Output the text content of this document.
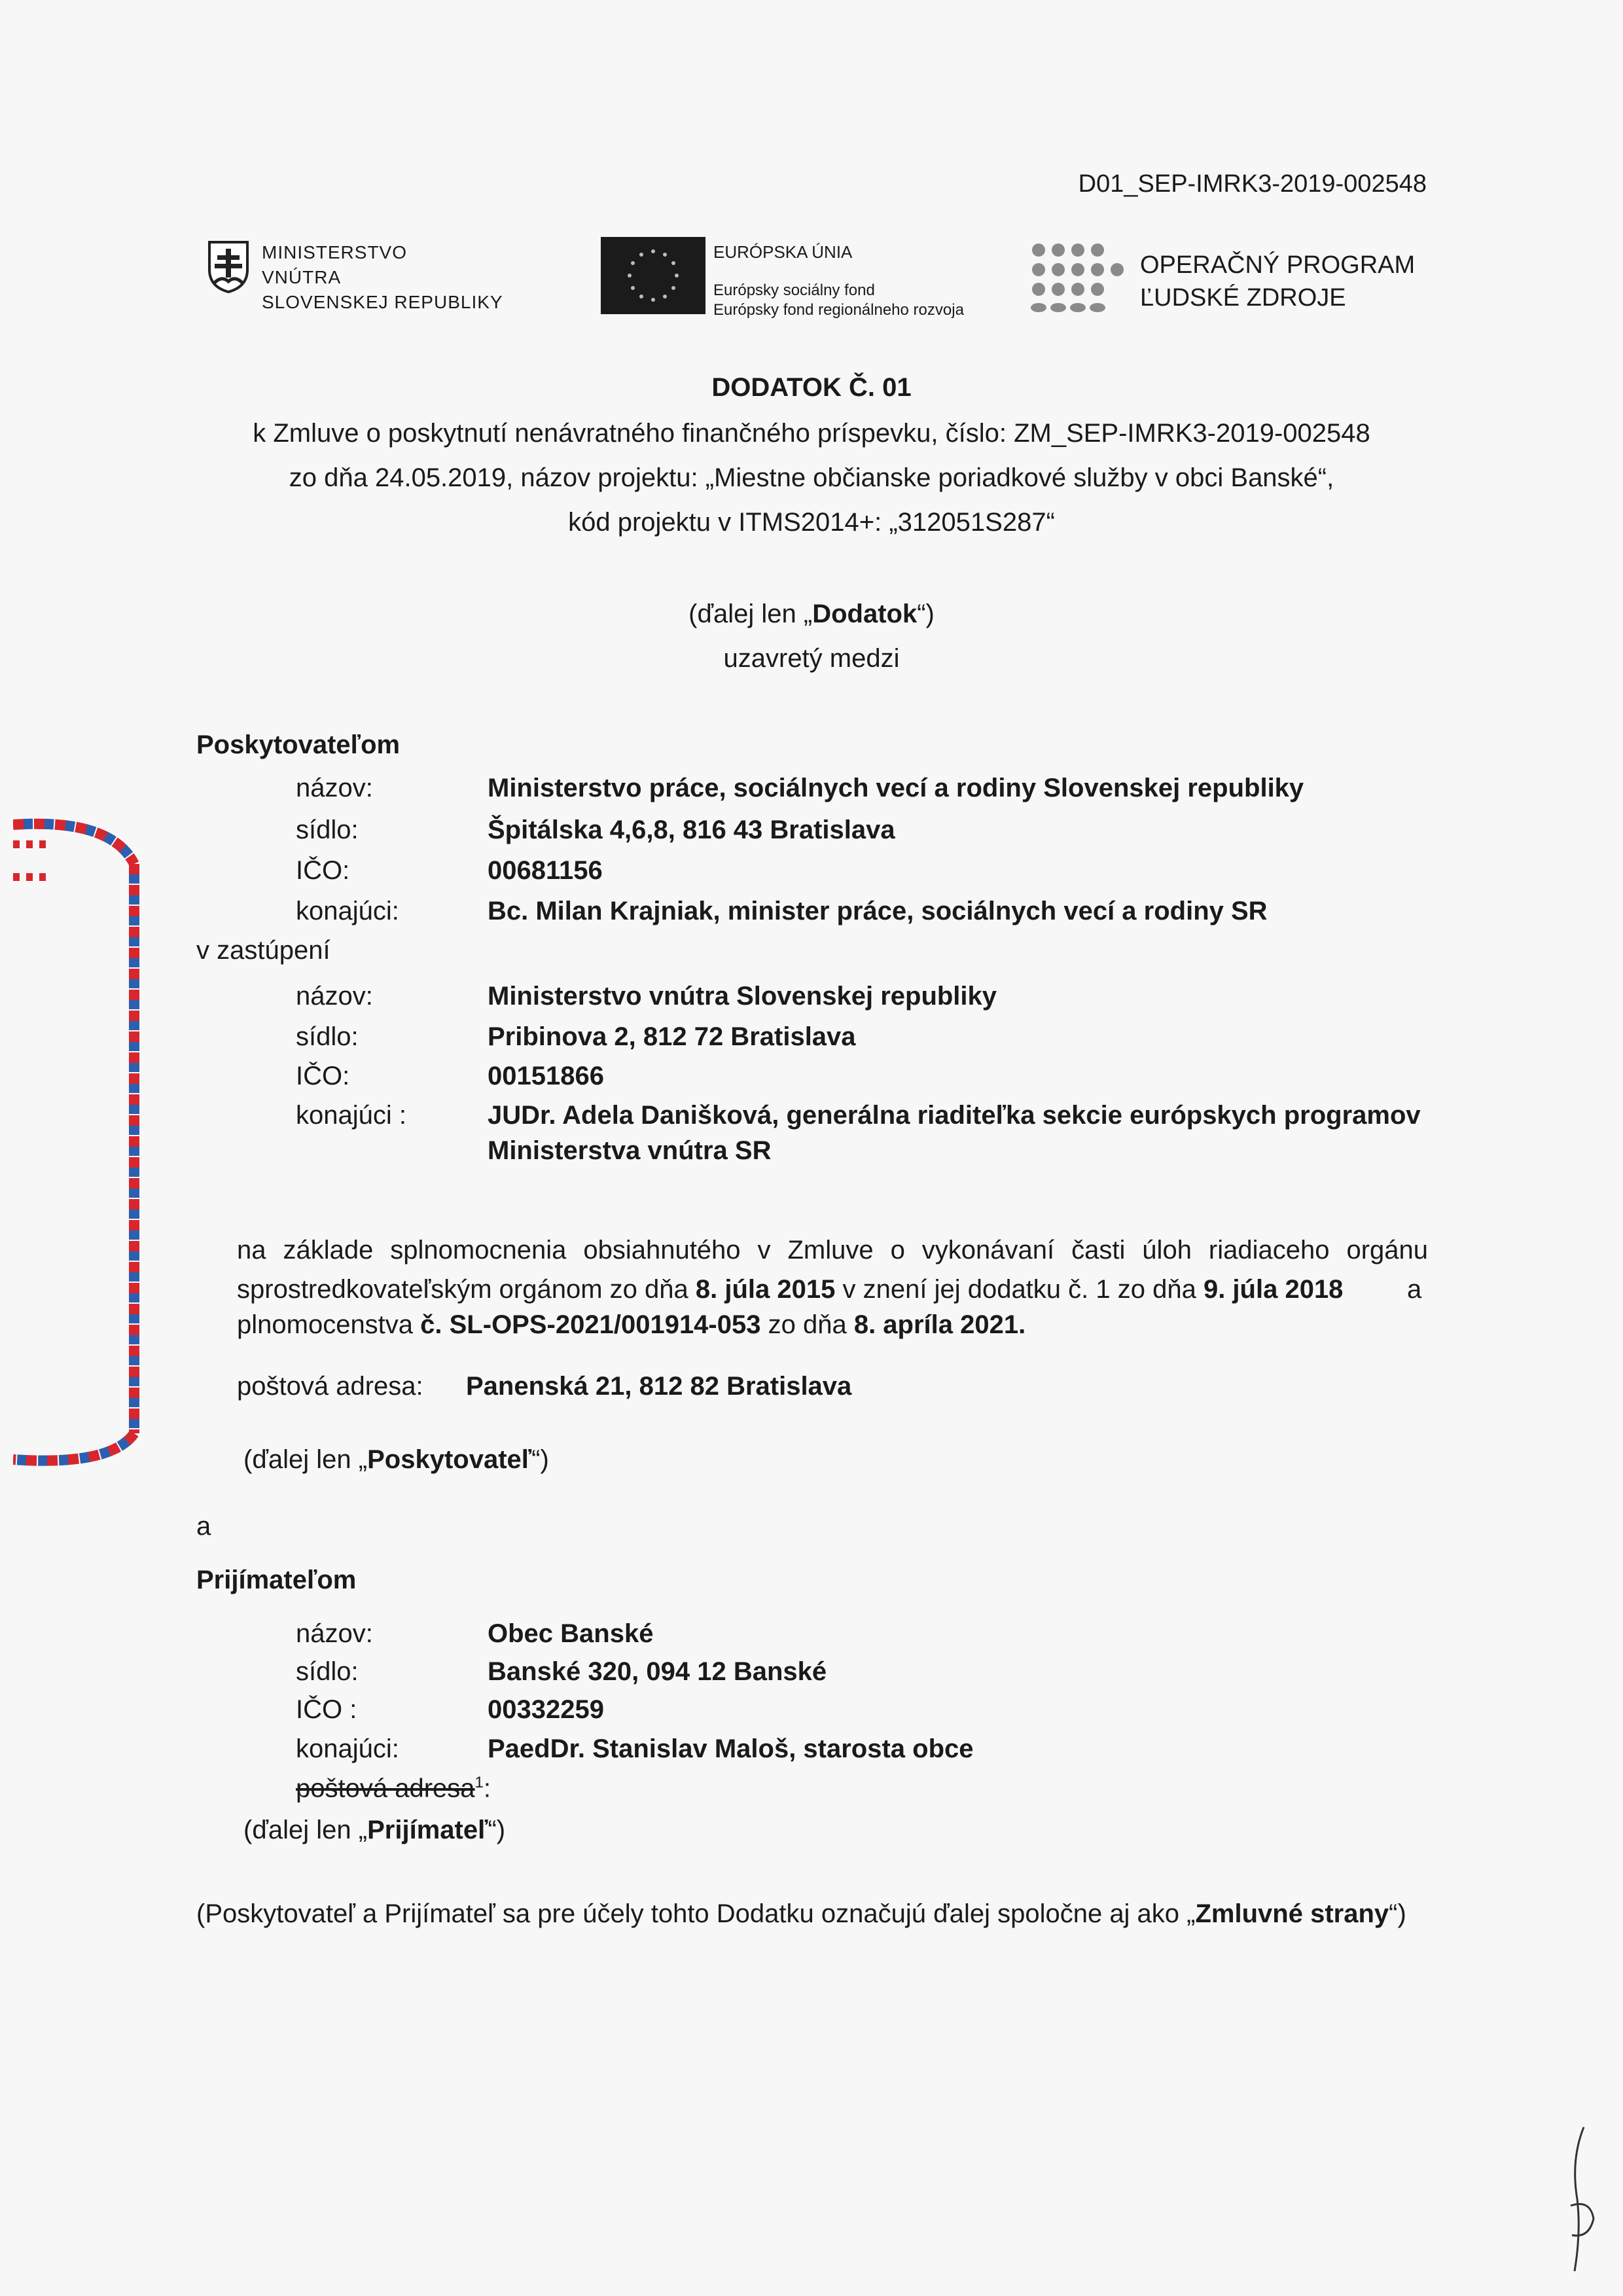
D01_SEP-IMRK3-2019-002548
MINISTERSTVO
VNÚTRA
SLOVENSKEJ REPUBLIKY
EURÓPSKA ÚNIA
Európsky sociálny fond
Európsky fond regionálneho rozvoja
OPERAČNÝ PROGRAM
ĽUDSKÉ ZDROJE
DODATOK Č. 01
k Zmluve o poskytnutí nenávratného finančného príspevku, číslo: ZM_SEP-IMRK3-2019-002548
zo dňa 24.05.2019, názov projektu: „Miestne občianske poriadkové služby v obci Banské“,
kód projektu v ITMS2014+: „312051S287“
(ďalej len „Dodatok“)
uzavretý medzi
Poskytovateľom
názov:	Ministerstvo práce, sociálnych vecí a rodiny Slovenskej republiky
sídlo:	Špitálska 4,6,8, 816 43 Bratislava
IČO:	00681156
konajúci:	Bc. Milan Krajniak, minister práce, sociálnych vecí a rodiny SR
v zastúpení
názov:	Ministerstvo vnútra Slovenskej republiky
sídlo:	Pribinova 2, 812 72 Bratislava
IČO:	00151866
konajúci :	JUDr. Adela Danišková, generálna riaditeľka sekcie európskych programov
Ministerstva vnútra SR
na základe splnomocnenia obsiahnutého v Zmluve o vykonávaní časti úloh riadiaceho orgánu
sprostredkovateľským orgánom zo dňa 8. júla 2015 v znení jej dodatku č. 1 zo dňa 9. júla 2018 a
plnomocenstva č. SL-OPS-2021/001914-053 zo dňa 8. apríla 2021.
poštová adresa: Panenská 21, 812 82 Bratislava
(ďalej len „Poskytovateľ“)
a
Prijímateľom
názov:	Obec Banské
sídlo:	Banské 320, 094 12 Banské
IČO :	00332259
konajúci:	PaedDr. Stanislav Maloš, starosta obce
poštová adresa$^1$:
(ďalej len „Prijímateľ“)
(Poskytovateľ a Prijímateľ sa pre účely tohto Dodatku označujú ďalej spoločne aj ako „Zmluvné strany“)
